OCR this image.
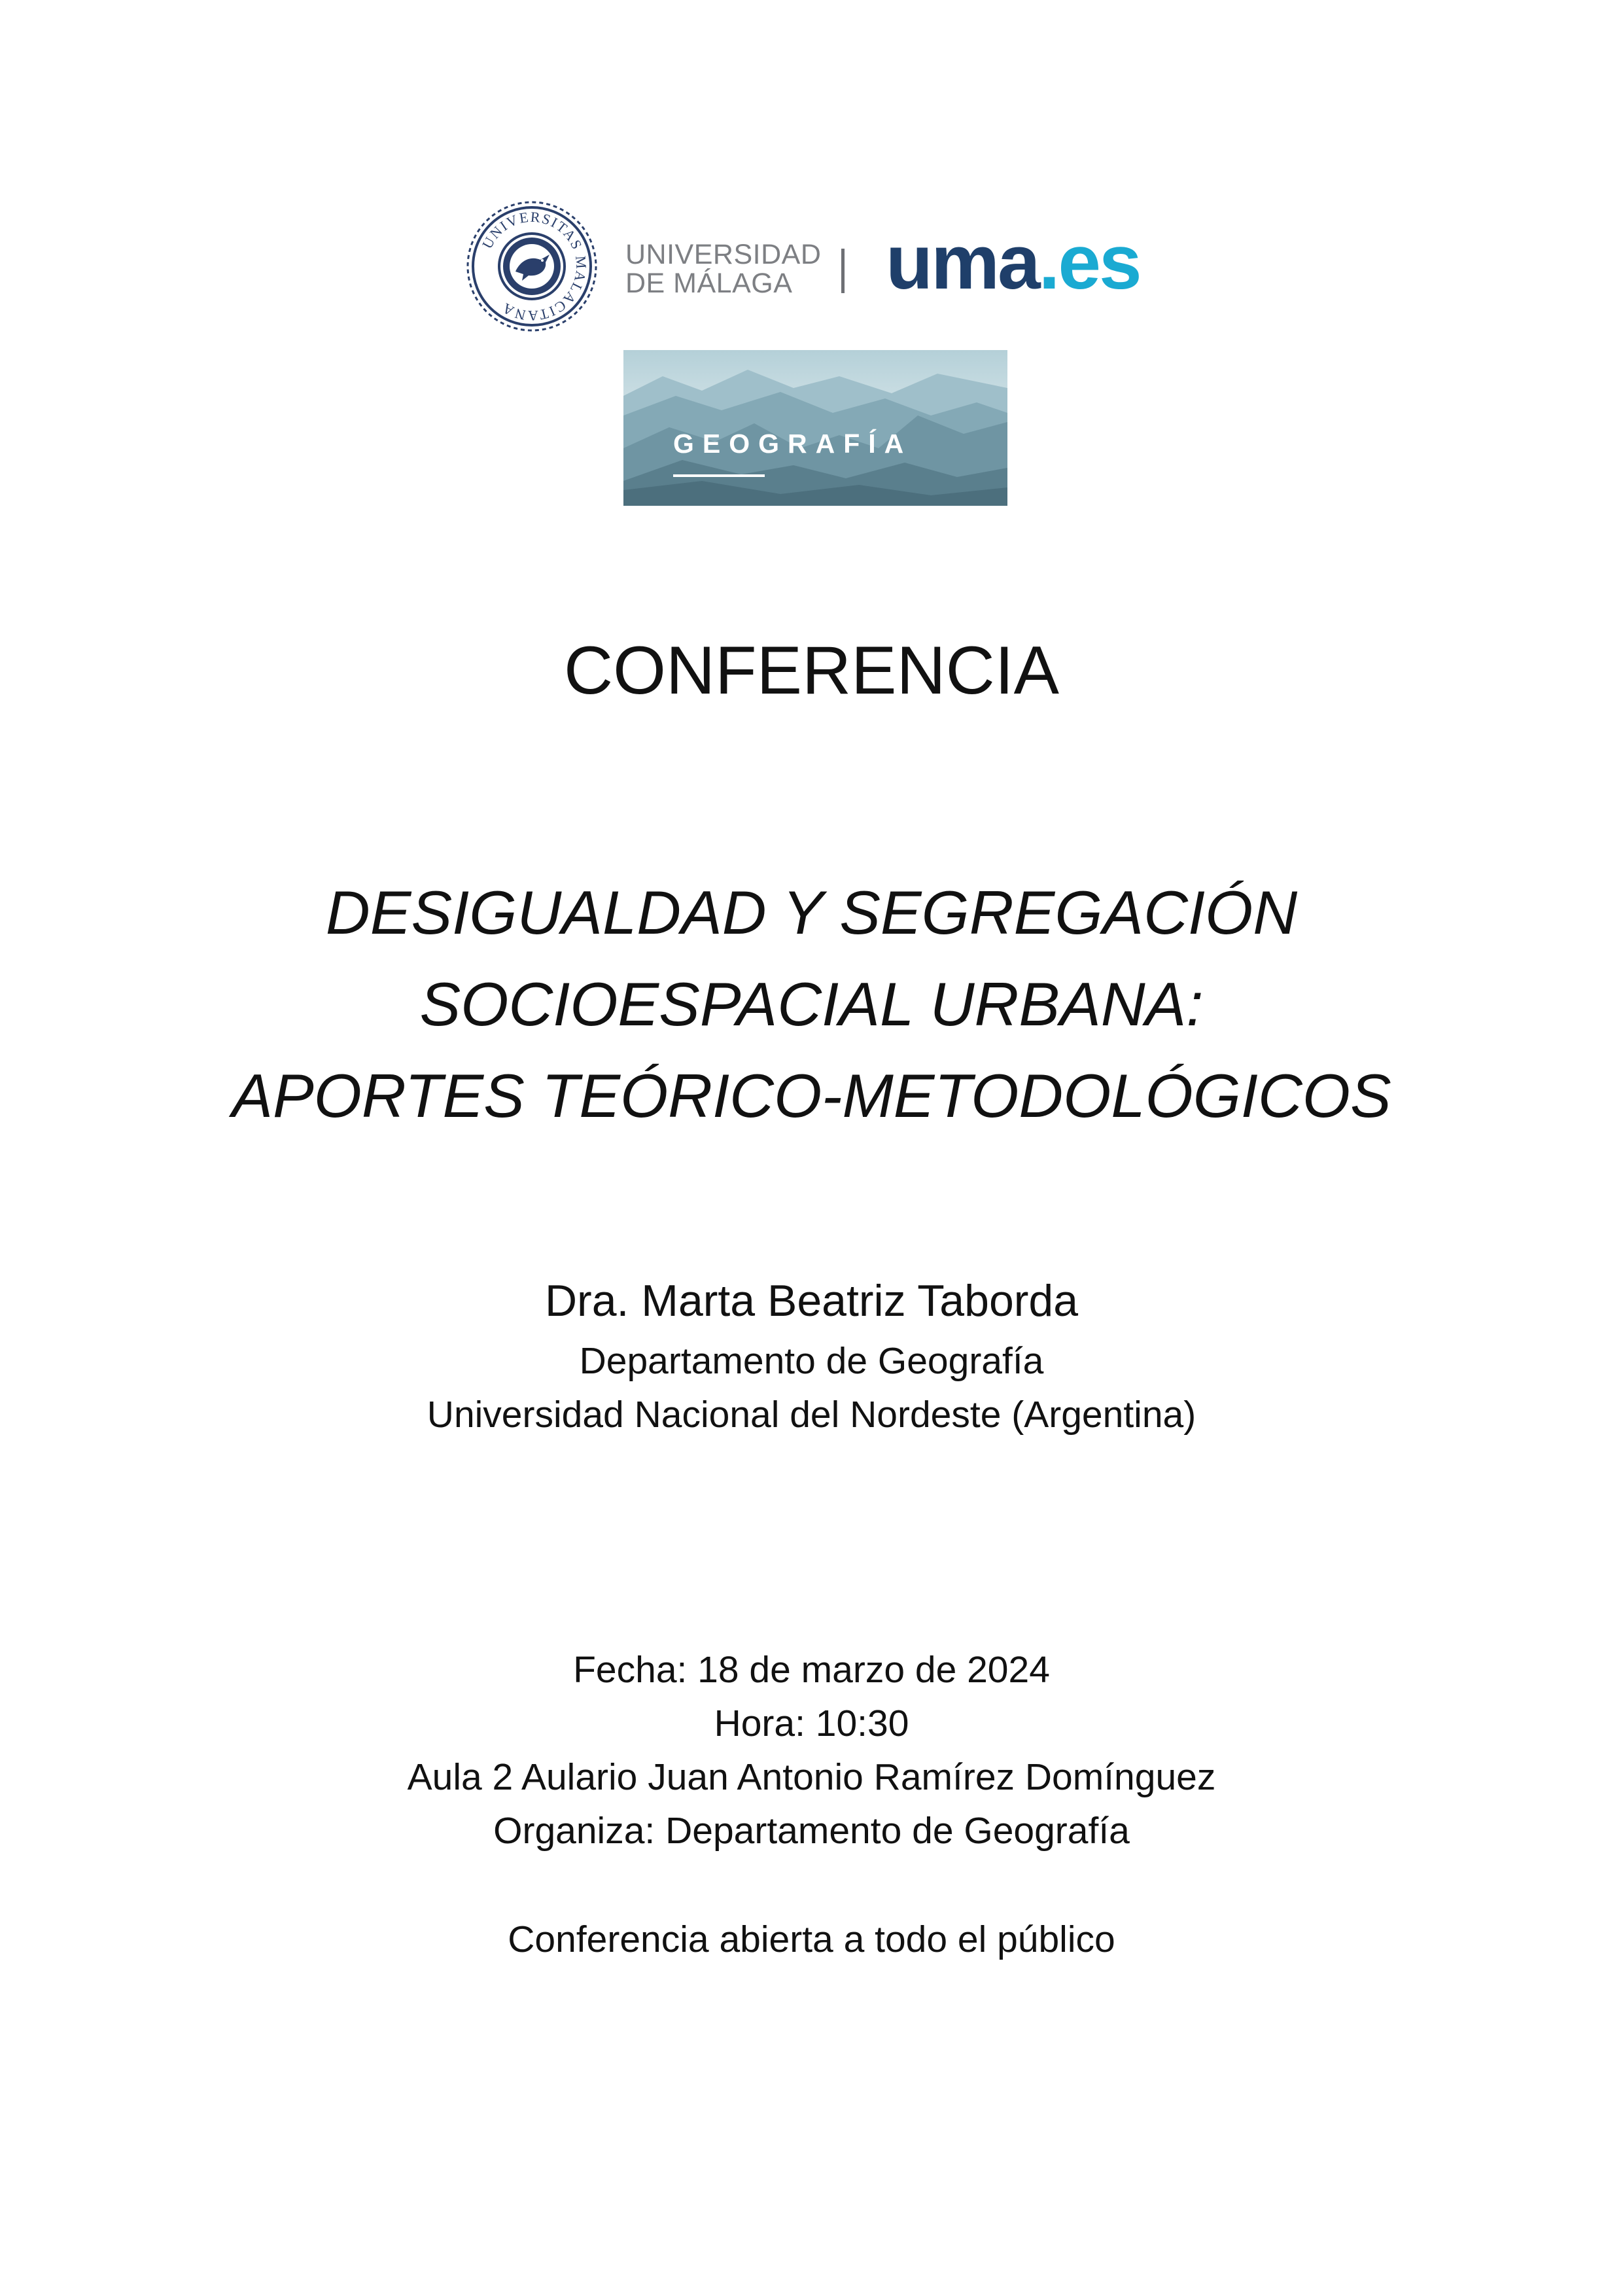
UNIVERSITAS MALACITANA
UNIVERSIDAD
DE MÁLAGA	uma.es
GEOGRAFÍA
CONFERENCIA
DESIGUALDAD Y SEGREGACIÓN
SOCIOESPACIAL URBANA:
APORTES TEÓRICO-METODOLÓGICOS
Dra. Marta Beatriz Taborda
Departamento de Geografía
Universidad Nacional del Nordeste (Argentina)
Fecha: 18 de marzo de 2024
Hora: 10:30
Aula 2 Aulario Juan Antonio Ramírez Domínguez
Organiza: Departamento de Geografía
Conferencia abierta a todo el público
